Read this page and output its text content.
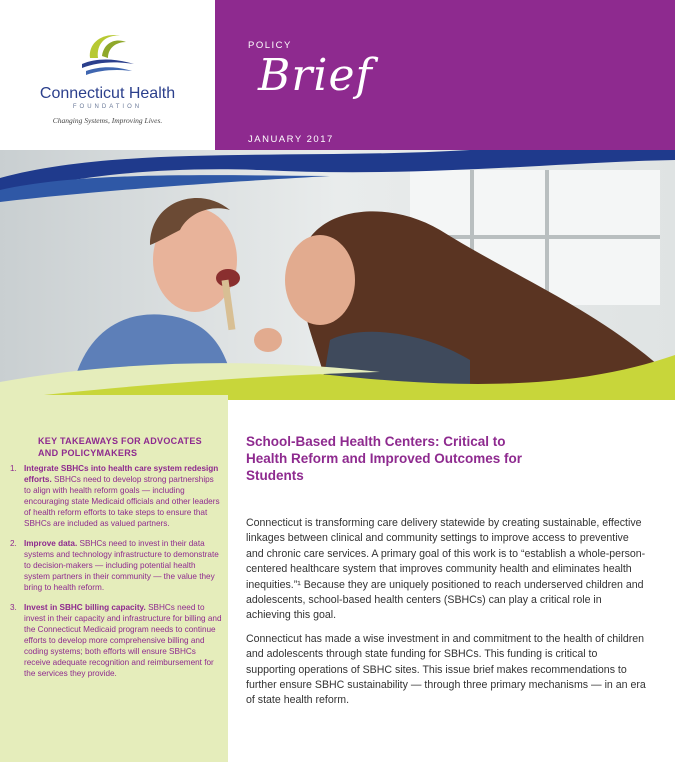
Connecticut Health
FOUNDATION
Changing Systems, Improving Lives.
POLICY
Brief
JANUARY 2017
KEY TAKEAWAYS FOR ADVOCATES AND POLICYMAKERS
1. Integrate SBHCs into health care system redesign efforts. SBHCs need to develop strong partnerships to align with health reform goals — including encouraging state Medicaid officials and other leaders of health reform efforts to take steps to ensure that SBHCs are included as valued partners.
2. Improve data. SBHCs need to invest in their data systems and technology infrastructure to demonstrate to decision-makers — including potential health system partners in their community — the value they bring to health reform.
3. Invest in SBHC billing capacity. SBHCs need to invest in their capacity and infrastructure for billing and the Connecticut Medicaid program needs to continue efforts to develop more comprehensive billing and coding systems; both efforts will ensure SBHCs receive adequate recognition and reimbursement for the services they provide.
School-Based Health Centers: Critical to Health Reform and Improved Outcomes for Students

Connecticut is transforming care delivery statewide by creating sustainable, effective linkages between clinical and community settings to improve access to preventive and chronic care services. A primary goal of this work is to “establish a whole-person-centered healthcare system that improves community health and eliminates health inequities.”¹ Because they are uniquely positioned to reach underserved children and adolescents, school-based health centers (SBHCs) can play a critical role in achieving this goal.

Connecticut has made a wise investment in and commitment to the health of children and adolescents through state funding for SBHCs. This funding is critical to supporting operations of SBHC sites. This issue brief makes recommendations to further ensure SBHC sustainability — through three primary mechanisms — in an era of state health reform.
